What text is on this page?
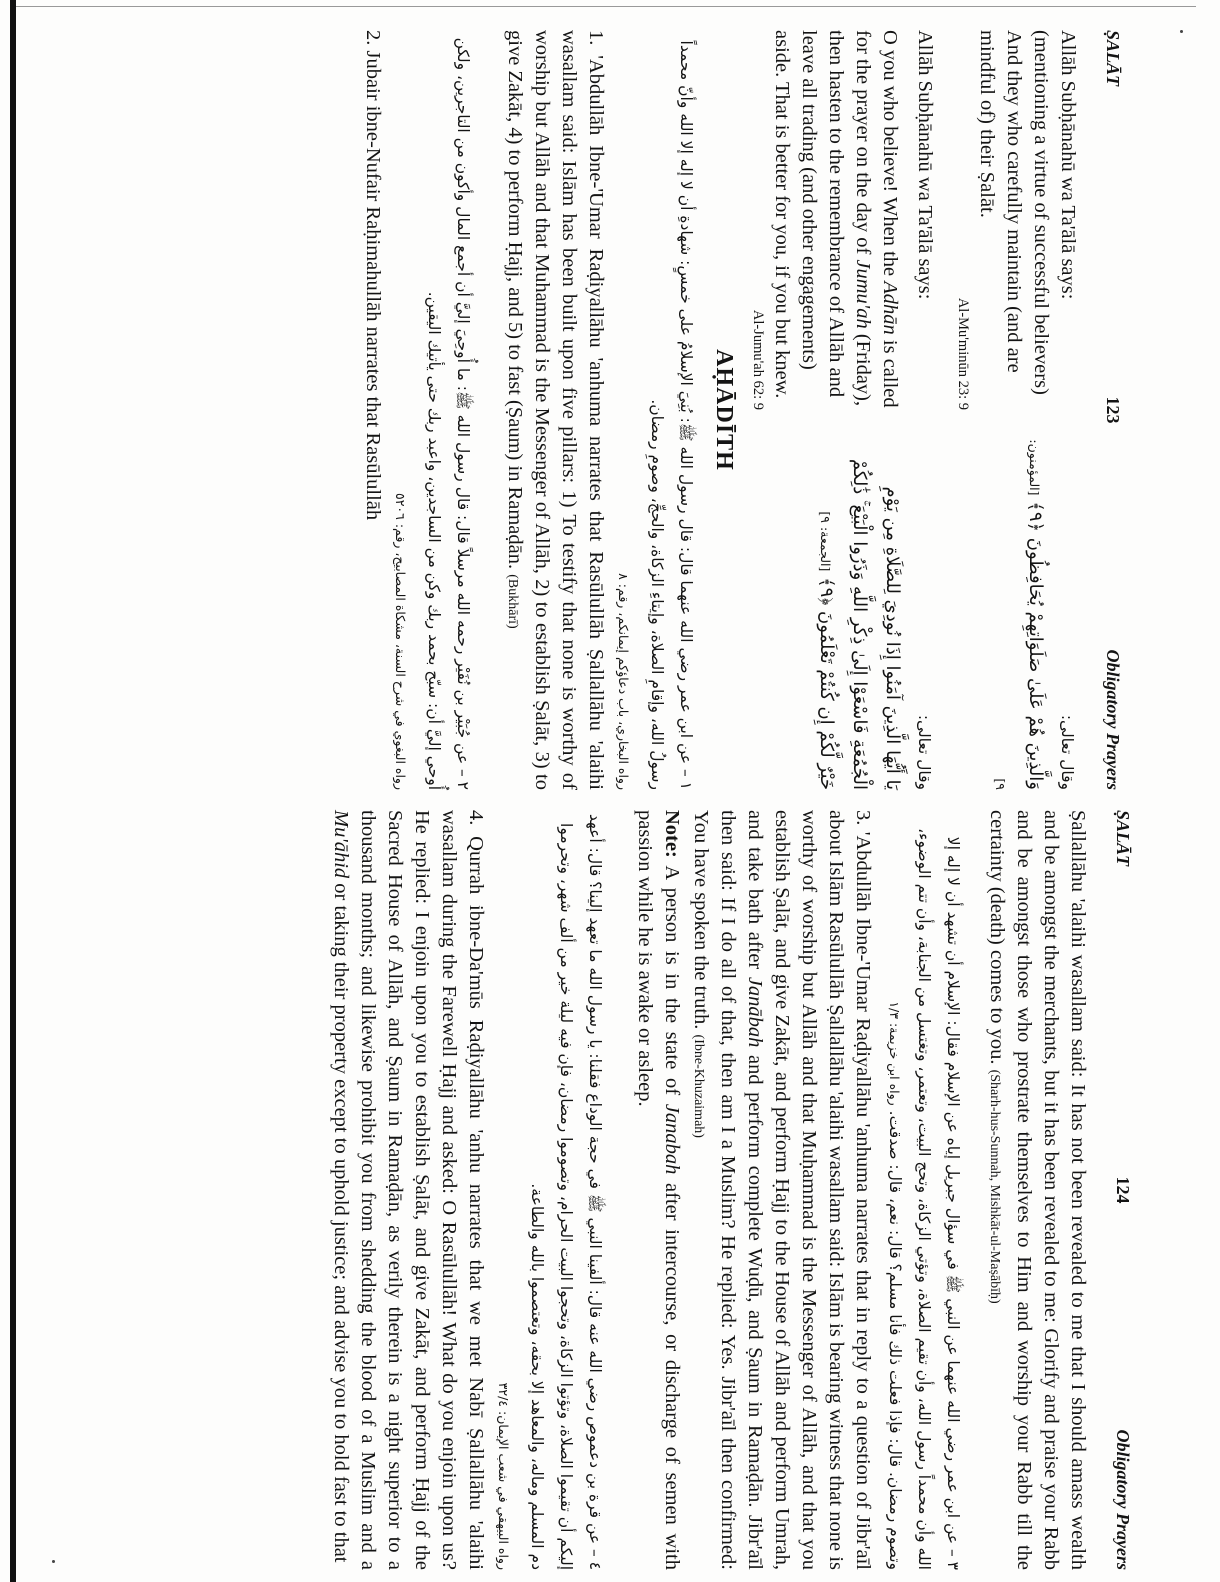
ṢALĀT
123
Obligatory Prayers

Allāh Subḥānahū wa Ta'ālā says:

(mentioning a virtue of successful believers)

And they who carefully maintain (and are mindful of) their Ṣalāt.

Al-Mu'minūn 23: 9

وقال تعالى:

وَالَّذِينَ هُمْ عَلَىٰ صَلَوَاتِهِمْ يُحَافِظُونَ ﴿٩﴾ [المؤمنون: ٩]

Allāh Subḥānahū wa Ta'ālā says:

O you who believe! When the Adhān is called for the prayer on the day of Jumu'ah (Friday), then hasten to the remembrance of Allāh and leave all trading (and other engagements) aside. That is better for you, if you but knew.

Al-Jumu'ah 62: 9

وقال تعالى:

يَا أَيُّهَا الَّذِينَ آمَنُوا إِذَا نُودِيَ لِلصَّلَاةِ مِن يَوْمِ الْجُمُعَةِ فَاسْعَوْا إِلَىٰ ذِكْرِ اللَّهِ وَذَرُوا الْبَيْعَ ۚ ذَٰلِكُمْ خَيْرٌ لَّكُمْ إِن كُنتُمْ تَعْلَمُونَ ﴿٩﴾ [الجمعة: ٩]

AḤĀDĪTH

١ – عن ابن عمر رضي الله عنهما قال: قال رسول الله ﷺ: بُنِيَ الإسلامُ على خمسٍ: شهادةِ أن لا إله إلا الله وأنّ محمداً رسولُ الله، وإقامِ الصلاة، وإيتاءِ الزكاة، والحجِّ، وصومِ رمضان.

رواه البخاري، باب دعاؤكم إيمانكم، رقم: ٨

1. 'Abdullāh Ibne-'Umar Raḍiyallāhu 'anhuma narrates that Rasūlullāh Ṣallallāhu 'alaihi wasallam said: Islām has been built upon five pillars: 1) To testify that none is worthy of worship but Allāh and that Muhammad is the Messenger of Allāh, 2) to establish Ṣalāt, 3) to give Zakāt, 4) to perform Ḥajj, and 5) to fast (Ṣaum) in Ramaḍān. (Bukhārī)

٢ – عن جُبَيْر بن نُفَيْر رحمه الله مرسلاً قال: قال رسول الله ﷺ: ما أُوحِيَ إليَّ أن أجمع المال وأكون من التاجرين، ولكن أُوحي إليَّ أن: سبّح بحمد ربك وكن من الساجدين، واعبد ربك حتى يأتيك اليقين.

رواه البغوي في شرح السنة، مشكاة المصابيح، رقم: ٥٢٠٦

2. Jubair ibne-Nufair Raḥimahullāh narrates that Rasūlullāh

ṢALĀT
124
Obligatory Prayers

Ṣallallāhu 'alaihi wasallam said: It has not been revealed to me that I should amass wealth and be amongst the merchants, but it has been revealed to me: Glorify and praise your Rabb and be amongst those who prostrate themselves to Him and worship your Rabb till the certainty (death) comes to you. (Sharh-hus-Sunnah, Mishkāt-ul-Maṣābīḥ)

٣ – عن ابن عمر رضي الله عنهما عن النبي ﷺ في سؤال جبريل إياه عن الإسلام فقال: الإسلام أن تشهد أن لا إله إلا الله وأن محمداً رسول الله، وأن تقيم الصلاة، وتؤتي الزكاة، وتحج البيت، وتعتمر، وتغتسل من الجنابة، وأن تتم الوضوء، وتصوم رمضان. قال: فإذا فعلت ذلك فأنا مسلم؟ قال: نعم، قال: صدقت. رواه ابن خزيمة: ١/٣

3. 'Abdullāh Ibne-'Umar Raḍiyallāhu 'anhuma narrates that in reply to a question of Jibr'aīl about Islām Rasūlullāh Ṣallallāhu 'alaihi wasallam said: Islām is bearing witness that none is worthy of worship but Allāh and that Muḥammad is the Messenger of Allāh, and that you establish Ṣalāt, and give Zakāt, and perform Ḥajj to the House of Allāh and perform Umrah, and take bath after Janābah and perform complete Wuḍū, and Ṣaum in Ramaḍān. Jibr'aīl then said: If I do all of that, then am I a Muslim? He replied: Yes. Jibr'aīl then confirmed: You have spoken the truth. (Ibne-Khuzaimah)

Note: A person is in the state of Janabah after intercourse, or discharge of semen with passion while he is awake or asleep.

٤ – عن قرة بن دعموص رضي الله عنه قال: ألفينا النبي ﷺ في حجة الوداع فقلنا: يا رسول الله ما تعهد إلينا؟ قال: أعهد إليكم أن تقيموا الصلاة، وتؤتوا الزكاة، وتحجوا البيت الحرام، وتصوموا رمضان، فإن فيه ليلة خير من ألف شهر، وتحرموا دم المسلم وماله، والمعاهد إلا بحقه، وتعتصموا بالله والطاعة.

رواه البيهقي في شعب الإيمان: ٣٢/٤

4. Qurrah ibne-Da'mūs Raḍiyallāhu 'anhu narrates that we met Nabī Ṣallallāhu 'alaihi wasallam during the Farewell Ḥajj and asked: O Rasūlullāh! What do you enjoin upon us? He replied: I enjoin upon you to establish Ṣalāt, and give Zakāt, and perform Ḥajj of the Sacred House of Allāh, and Ṣaum in Ramaḍān, as verily therein is a night superior to a thousand months; and likewise prohibit you from shedding the blood of a Muslim and a Mu'āhid or taking their property except to uphold justice; and advise you to hold fast to that
